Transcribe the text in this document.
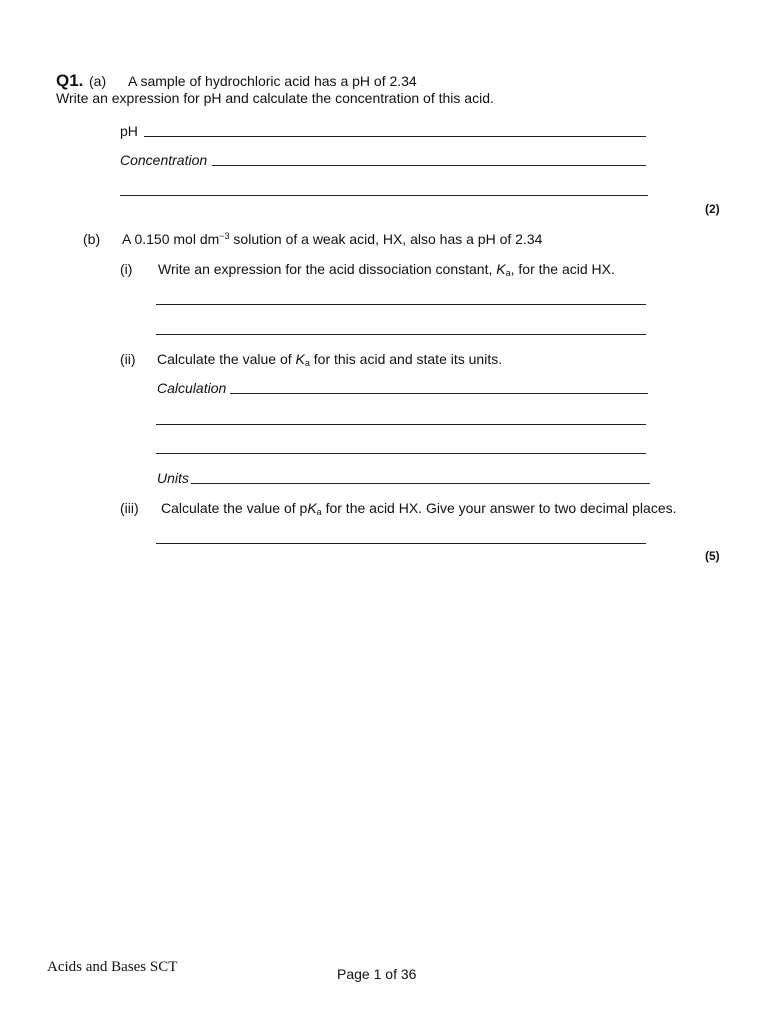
Q1. (a) A sample of hydrochloric acid has a pH of 2.34
Write an expression for pH and calculate the concentration of this acid.
pH
Concentration
(2)
(b) A 0.150 mol $dm^{-3}$ solution of a weak acid, HX, also has a pH of 2.34
(i) Write an expression for the acid dissociation constant, $K_a$, for the acid HX.
(ii) Calculate the value of $K_a$ for this acid and state its units.
Calculation
Units
(iii) Calculate the value of $pK_a$ for the acid HX. Give your answer to two decimal places.
(5)
Acids and Bases SCT	Page 1 of 36
